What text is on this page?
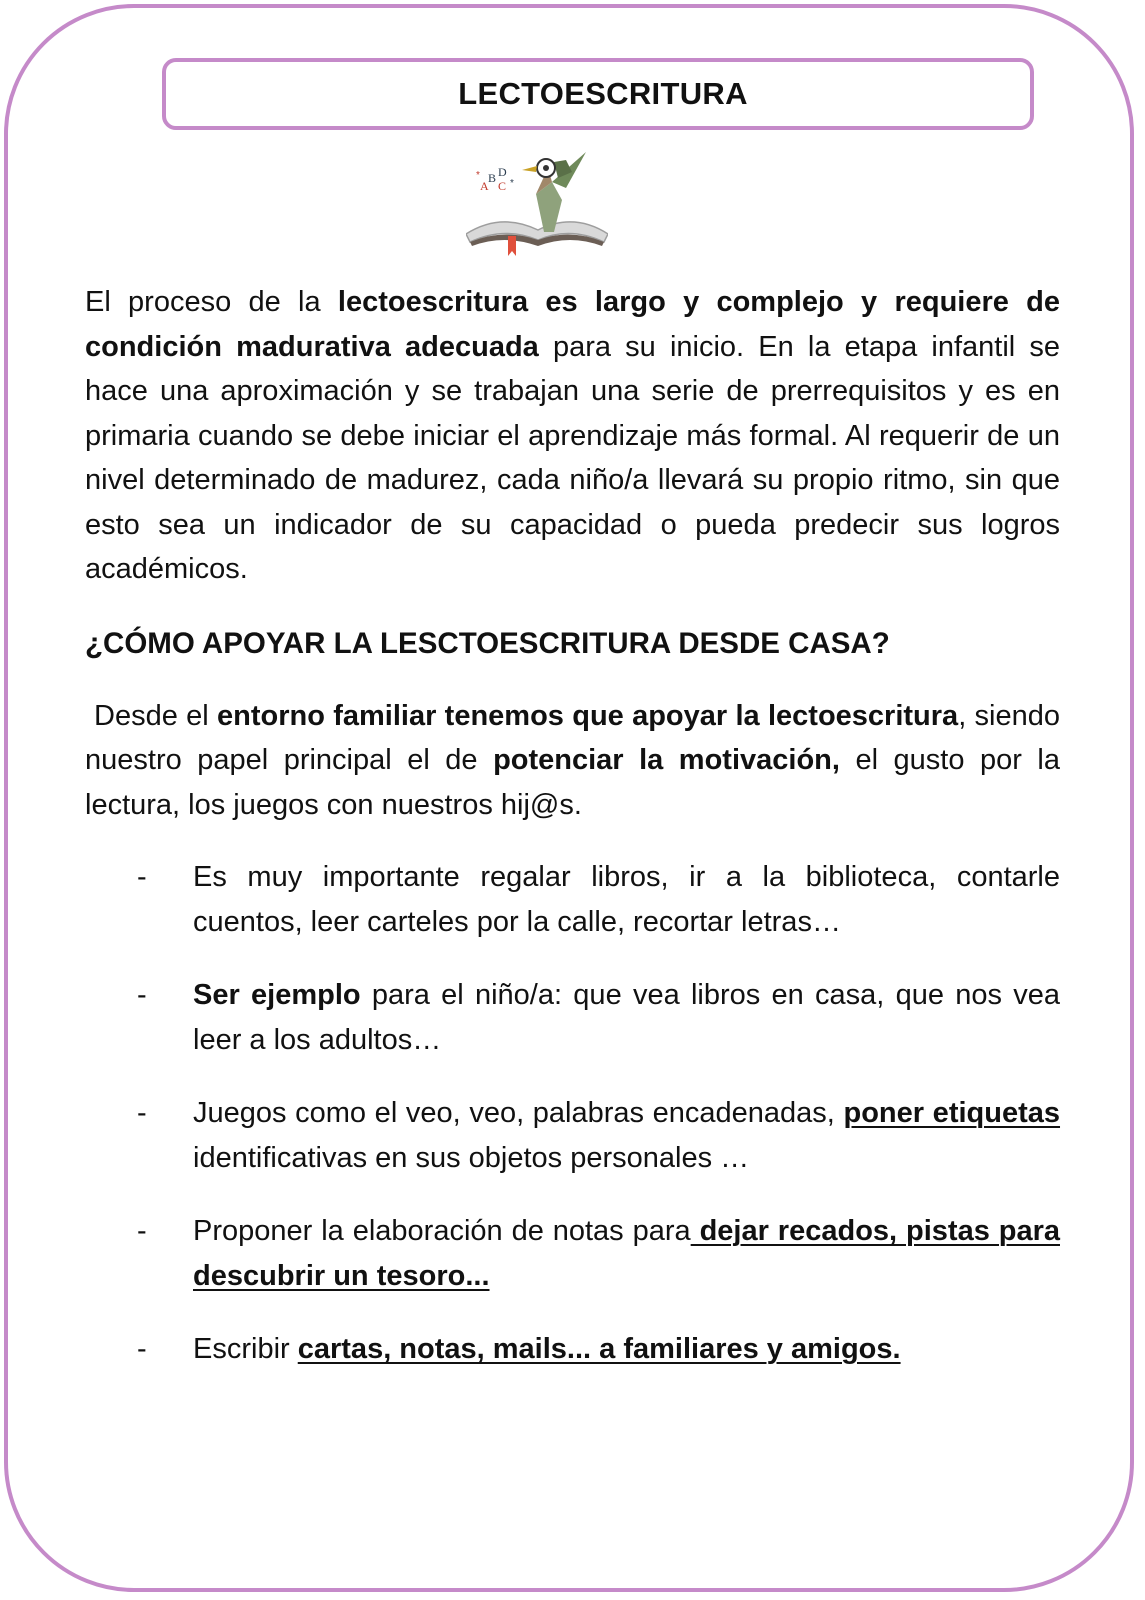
LECTOESCRITURA
A
B
C
D
*
*

El proceso de la lectoescritura es largo y complejo y requiere de condición madurativa adecuada para su inicio. En la etapa infantil se hace una aproximación y se trabajan una serie de prerrequisitos y es en primaria cuando se debe iniciar el aprendizaje más formal. Al requerir de un nivel determinado de madurez, cada niño/a llevará su propio ritmo, sin que esto sea un indicador de su capacidad o pueda predecir sus logros académicos.

¿CÓMO APOYAR LA LESCTOESCRITURA DESDE CASA?

Desde el entorno familiar tenemos que apoyar la lectoescritura, siendo nuestro papel principal el de potenciar la motivación, el gusto por la lectura, los juegos con nuestros hij@s.

- Es muy importante regalar libros, ir a la biblioteca, contarle cuentos, leer carteles por la calle, recortar letras…
- Ser ejemplo para el niño/a: que vea libros en casa, que nos vea leer a los adultos…
- Juegos como el veo, veo, palabras encadenadas, poner etiquetas identificativas en sus objetos personales …
- Proponer la elaboración de notas para dejar recados, pistas para descubrir un tesoro...
- Escribir cartas, notas, mails... a familiares y amigos.
